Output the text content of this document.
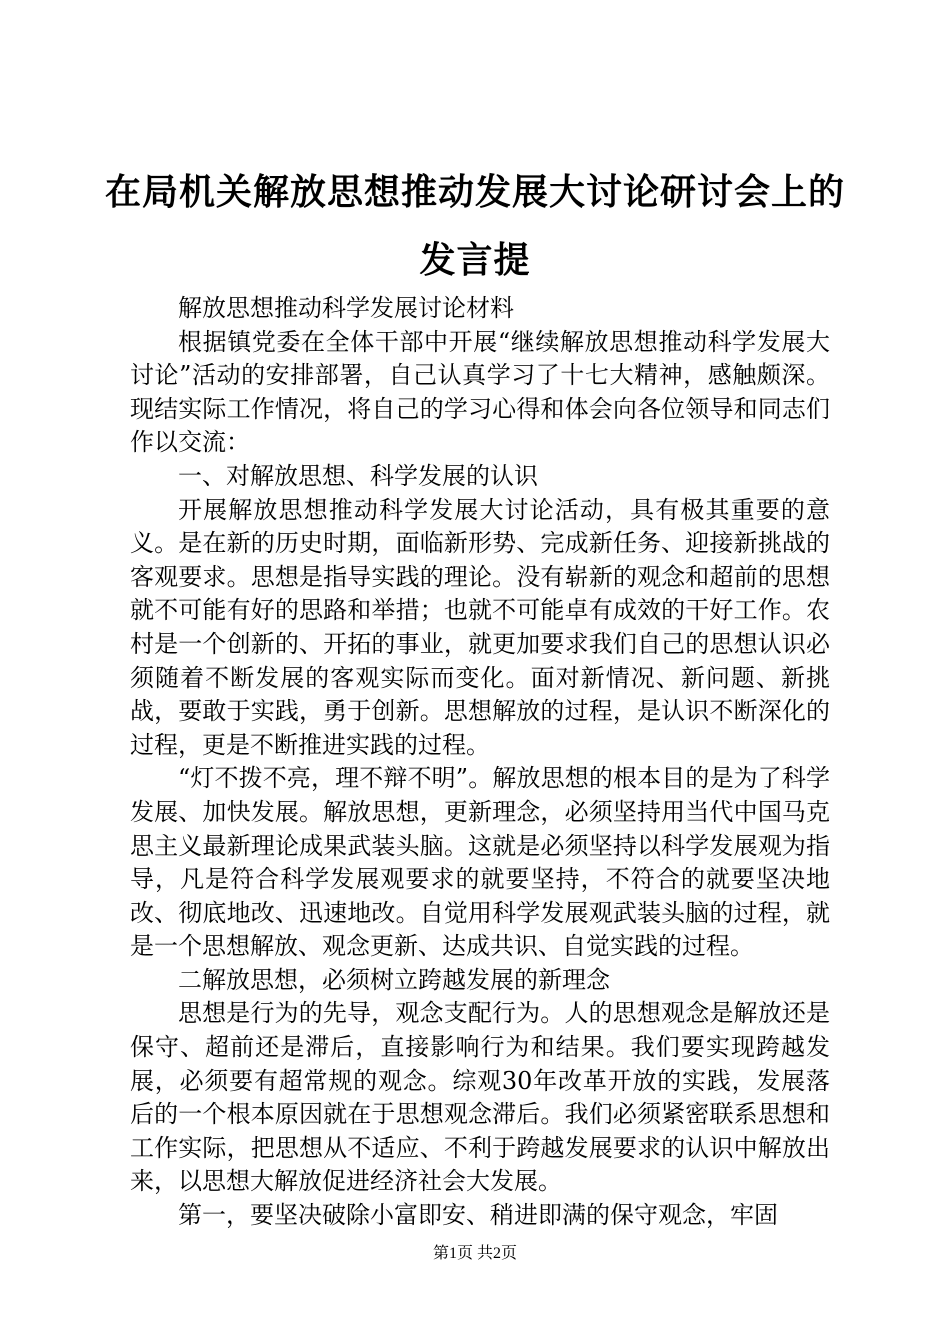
在局机关解放思想推动发展大讨论研讨会上的发言提

解放思想推动科学发展讨论材料

根据镇党委在全体干部中开展“继续解放思想推动科学发展大讨论”活动的安排部署，自己认真学习了十七大精神，感触颇深。现结实际工作情况，将自己的学习心得和体会向各位领导和同志们作以交流：

一、对解放思想、科学发展的认识

开展解放思想推动科学发展大讨论活动，具有极其重要的意义。是在新的历史时期，面临新形势、完成新任务、迎接新挑战的客观要求。思想是指导实践的理论。没有崭新的观念和超前的思想就不可能有好的思路和举措；也就不可能卓有成效的干好工作。农村是一个创新的、开拓的事业，就更加要求我们自己的思想认识必须随着不断发展的客观实际而变化。面对新情况、新问题、新挑战，要敢于实践，勇于创新。思想解放的过程，是认识不断深化的过程，更是不断推进实践的过程。

“灯不拨不亮，理不辩不明”。解放思想的根本目的是为了科学发展、加快发展。解放思想，更新理念，必须坚持用当代中国马克思主义最新理论成果武装头脑。这就是必须坚持以科学发展观为指导，凡是符合科学发展观要求的就要坚持，不符合的就要坚决地改、彻底地改、迅速地改。自觉用科学发展观武装头脑的过程，就是一个思想解放、观念更新、达成共识、自觉实践的过程。

二解放思想，必须树立跨越发展的新理念

思想是行为的先导，观念支配行为。人的思想观念是解放还是保守、超前还是滞后，直接影响行为和结果。我们要实现跨越发展，必须要有超常规的观念。综观30年改革开放的实践，发展落后的一个根本原因就在于思想观念滞后。我们必须紧密联系思想和工作实际，把思想从不适应、不利于跨越发展要求的认识中解放出来，以思想大解放促进经济社会大发展。

第一，要坚决破除小富即安、稍进即满的保守观念，牢固

第1页 共2页
